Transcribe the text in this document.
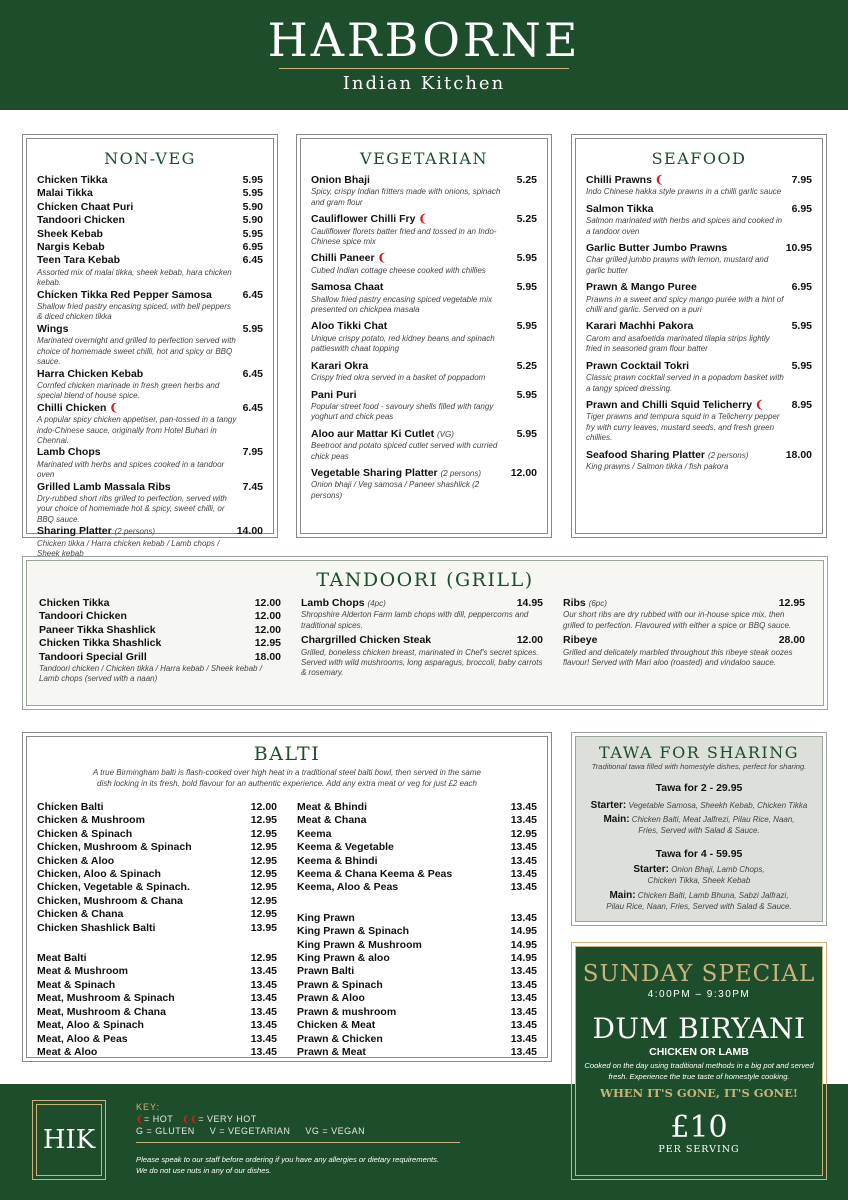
HARBORNE
Indian Kitchen
NON-VEG
Chicken Tikka	5.95
Malai Tikka	5.95
Chicken Chaat Puri	5.90
Tandoori Chicken	5.90
Sheek Kebab	5.95
Nargis Kebab	6.95
Teen Tara Kebab	6.45
Assorted mix of malai tikka, sheek kebab, hara chicken kebab.
Chicken Tikka Red Pepper Samosa	6.45
Shallow fried pastry encasing spiced, with bell peppers & diced chicken tikka
Wings	5.95
Marinated overnight and grilled to perfection served with choice of homemade sweet chilli, hot and spicy or BBQ sauce.
Harra Chicken Kebab	6.45
Cornfed chicken marinade in fresh green herbs and special blend of house spice.
Chilli Chicken ❨	6.45
A popular spicy chicken appetiser, pan-tossed in a tangy indo-Chinese sauce, originally from Hotel Buhari in Chennai.
Lamb Chops	7.95
Marinated with herbs and spices cooked in a tandoor oven
Grilled Lamb Massala Ribs	7.45
Dry-rubbed short ribs grilled to perfection, served with your choice of homemade hot & spicy, sweet chilli, or BBQ sauce.
Sharing Platter (2 persons)	14.00
Chicken tikka / Harra chicken kebab / Lamb chops / Sheek kebab
VEGETARIAN
Onion Bhaji	5.25
Spicy, crispy Indian fritters made with onions, spinach and gram flour
Cauliflower Chilli Fry ❨	5.25
Cauliflower florets batter fried and tossed in an Indo-Chinese spice mix
Chilli Paneer ❨	5.95
Cubed Indian cottage cheese cooked with chillies
Samosa Chaat	5.95
Shallow fried pastry encasing spiced vegetable mix presented on chickpea masala
Aloo Tikki Chat	5.95
Unique crispy potato, red kidney beans and spinach pattieswith chaat topping
Karari Okra	5.25
Crispy fried okra served in a basket of poppadom
Pani Puri	5.95
Popular street food - savoury shells filled with tangy yoghurt and chick peas
Aloo aur Mattar Ki Cutlet (VG)	5.95
Beetroot and potato spiced cutlet served with curried chick peas
Vegetable Sharing Platter (2 persons)	12.00
Onion bhaji / Veg samosa / Paneer shashlick (2 persons)
SEAFOOD
Chilli Prawns ❨	7.95
Indo Chinese hakka style prawns in a chilli garlic sauce
Salmon Tikka	6.95
Salmon marinated with herbs and spices and cooked in a tandoor oven
Garlic Butter Jumbo Prawns	10.95
Char grilled jumbo prawns with lemon, mustard and garlic butter
Prawn & Mango Puree	6.95
Prawns in a sweet and spicy mango purée with a hint of chilli and garlic. Served on a puri
Karari Machhi Pakora	5.95
Carom and asafoetida marinated tilapia strips lightly fried in seasoned gram flour batter
Prawn Cocktail Tokri	5.95
Classic prawn cocktail served in a popadom basket with a tangy spiced dressing.
Prawn and Chilli Squid Telicherry ❨	8.95
Tiger prawns and tempura squid in a Telicherry pepper fry with curry leaves, mustard seeds, and fresh green chillies.
Seafood Sharing Platter (2 persons)	18.00
King prawns / Salmon tikka / fish pakora
TANDOORI (GRILL)
Chicken Tikka	12.00
Tandoori Chicken	12.00
Paneer Tikka Shashlick	12.00
Chicken Tikka Shashlick	12.95
Tandoori Special Grill	18.00
Tandoori chicken / Chicken tikka / Harra kebab / Sheek kebab / Lamb chops (served with a naan)
Lamb Chops (4pc)	14.95
Shropshire Alderton Farm lamb chops with dill, peppercorns and traditional spices.
Chargrilled Chicken Steak	12.00
Grilled, boneless chicken breast, marinated in Chef's secret spices. Served with wild mushrooms, long asparagus, broccoli, baby carrots & rosemary.
Ribs (6pc)	12.95
Our short ribs are dry rubbed with our in-house spice mix, then grilled to perfection. Flavoured with either a spice or BBQ sauce.
Ribeye	28.00
Grilled and delicately marbled throughout this ribeye steak oozes flavour! Served with Mari aloo (roasted) and vindaloo sauce.
BALTI
A true Birmingham balti is flash-cooked over high heat in a traditional steel balti bowl, then served in the same dish locking in its fresh, bold flavour for an authentic experience. Add any extra meat or veg for just £2 each
Chicken Balti	12.00
Chicken & Mushroom	12.95
Chicken & Spinach	12.95
Chicken, Mushroom & Spinach	12.95
Chicken & Aloo	12.95
Chicken, Aloo & Spinach	12.95
Chicken, Vegetable & Spinach.	12.95
Chicken, Mushroom & Chana	12.95
Chicken & Chana	12.95
Chicken Shashlick Balti	13.95
Meat Balti	12.95
Meat & Mushroom	13.45
Meat & Spinach	13.45
Meat, Mushroom & Spinach	13.45
Meat, Mushroom & Chana	13.45
Meat, Aloo & Spinach	13.45
Meat, Aloo & Peas	13.45
Meat & Aloo	13.45
Meat & Bhindi	13.45
Meat & Chana	13.45
Keema	12.95
Keema & Vegetable	13.45
Keema & Bhindi	13.45
Keema & Chana Keema & Peas	13.45
Keema, Aloo & Peas	13.45
King Prawn	13.45
King Prawn & Spinach	14.95
King Prawn & Mushroom	14.95
King Prawn & aloo	14.95
Prawn Balti	13.45
Prawn & Spinach	13.45
Prawn & Aloo	13.45
Prawn & mushroom	13.45
Chicken & Meat	13.45
Prawn & Chicken	13.45
Prawn & Meat	13.45
TAWA FOR SHARING
Traditional tawa filled with homestyle dishes, perfect for sharing.
Tawa for 2 - 29.95
Starter: Vegetable Samosa, Sheekh Kebab, Chicken Tikka
Main: Chicken Balti, Meat Jalfrezi, Pilau Rice, Naan, Fries, Served with Salad & Sauce.
Tawa for 4 - 59.95
Starter: Onion Bhaji, Lamb Chops, Chicken Tikka, Sheek Kebab
Main: Chicken Balti, Lamb Bhuna, Sabzi Jalfrazi, Pilau Rice, Naan, Fries, Served with Salad & Sauce.
HIK
KEY:
❨= HOT ❨❨= VERY HOT
G = GLUTEN     V = VEGETARIAN     VG = VEGAN
Please speak to our staff before ordering if you have any allergies or dietary requirements.
We do not use nuts in any of our dishes.
SUNDAY SPECIAL
4:00PM – 9:30PM
DUM BIRYANI
CHICKEN OR LAMB
Cooked on the day using traditional methods in a big pot and served fresh. Experience the true taste of homestyle cooking.
WHEN IT'S GONE, IT'S GONE!
£10
PER SERVING
